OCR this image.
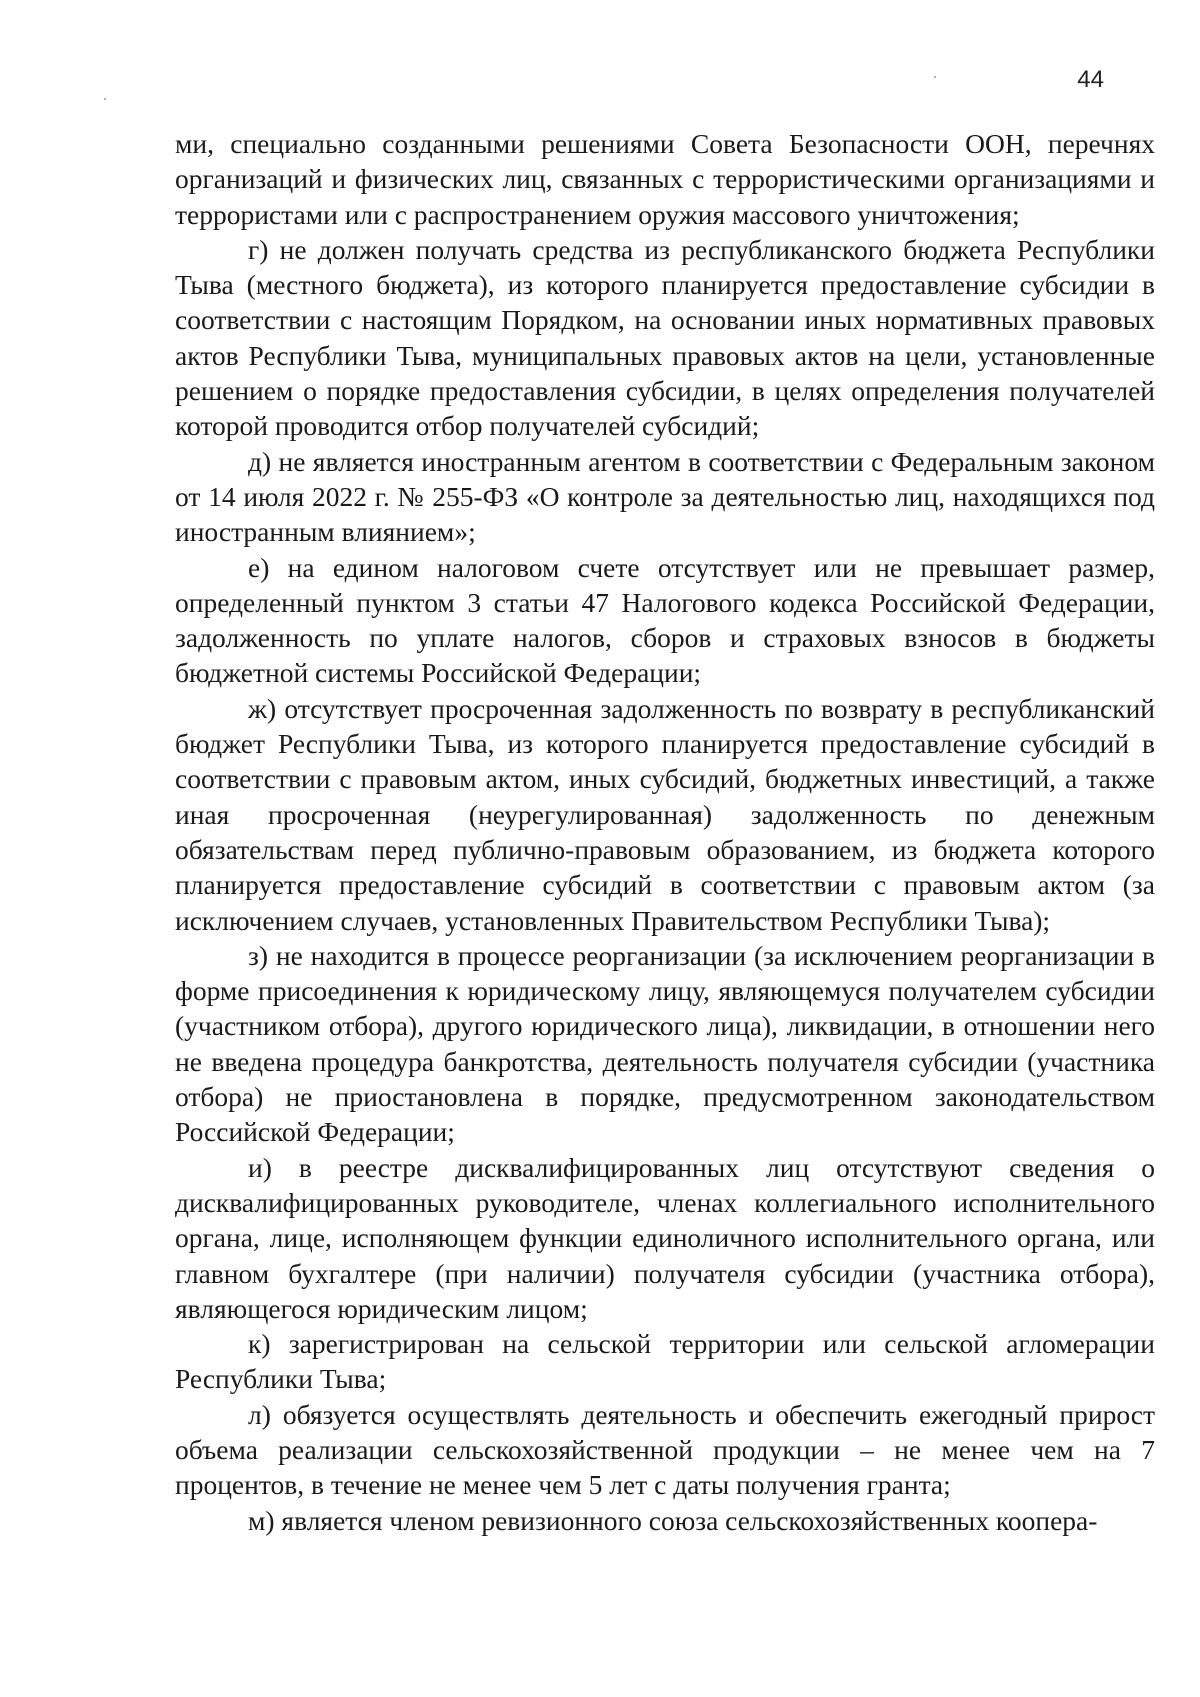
44

ми, специально созданными решениями Совета Безопасности ООН, перечнях организаций и физических лиц, связанных с террористическими организациями и террористами или с распространением оружия массового уничтожения;

г) не должен получать средства из республиканского бюджета Республики Тыва (местного бюджета), из которого планируется предоставление субсидии в соответствии с настоящим Порядком, на основании иных нормативных правовых актов Республики Тыва, муниципальных правовых актов на цели, установленные решением о порядке предоставления субсидии, в целях определения получателей которой проводится отбор получателей субсидий;

д) не является иностранным агентом в соответствии с Федеральным законом от 14 июля 2022 г. № 255-ФЗ «О контроле за деятельностью лиц, находящихся под иностранным влиянием»;

е) на едином налоговом счете отсутствует или не превышает размер, определенный пунктом 3 статьи 47 Налогового кодекса Российской Федерации, задолженность по уплате налогов, сборов и страховых взносов в бюджеты бюджетной системы Российской Федерации;

ж) отсутствует просроченная задолженность по возврату в республиканский бюджет Республики Тыва, из которого планируется предоставление субсидий в соответствии с правовым актом, иных субсидий, бюджетных инвестиций, а также иная просроченная (неурегулированная) задолженность по денежным обязательствам перед публично-правовым образованием, из бюджета которого планируется предоставление субсидий в соответствии с правовым актом (за исключением случаев, установленных Правительством Республики Тыва);

з) не находится в процессе реорганизации (за исключением реорганизации в форме присоединения к юридическому лицу, являющемуся получателем субсидии (участником отбора), другого юридического лица), ликвидации, в отношении него не введена процедура банкротства, деятельность получателя субсидии (участника отбора) не приостановлена в порядке, предусмотренном законодательством Российской Федерации;

и) в реестре дисквалифицированных лиц отсутствуют сведения о дисквалифицированных руководителе, членах коллегиального исполнительного органа, лице, исполняющем функции единоличного исполнительного органа, или главном бухгалтере (при наличии) получателя субсидии (участника отбора), являющегося юридическим лицом;

к) зарегистрирован на сельской территории или сельской агломерации Республики Тыва;

л) обязуется осуществлять деятельность и обеспечить ежегодный прирост объема реализации сельскохозяйственной продукции – не менее чем на 7 процентов, в течение не менее чем 5 лет с даты получения гранта;

м) является членом ревизионного союза сельскохозяйственных коопера-
